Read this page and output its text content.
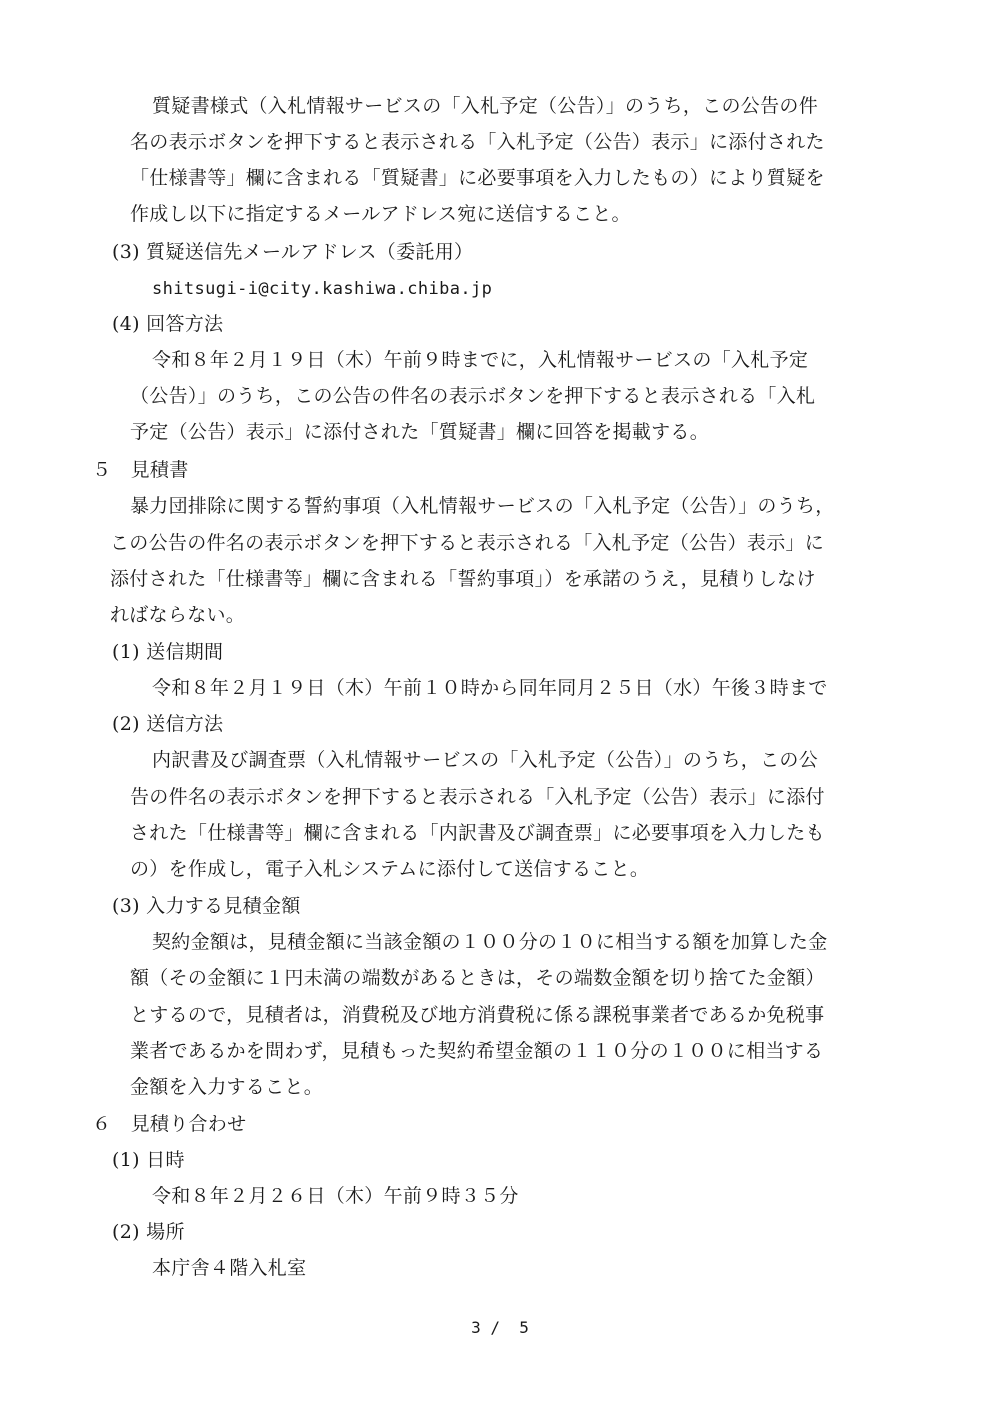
質疑書様式（入札情報サービスの「入札予定（公告）」のうち，この公告の件
名の表示ボタンを押下すると表示される「入札予定（公告）表示」に添付された
「仕様書等」欄に含まれる「質疑書」に必要事項を入力したもの）により質疑を
作成し以下に指定するメールアドレス宛に送信すること。
(3) 質疑送信先メールアドレス（委託用）
shitsugi-i@city.kashiwa.chiba.jp
(4) 回答方法
令和８年２月１９日（木）午前９時までに，入札情報サービスの「入札予定
（公告）」のうち，この公告の件名の表示ボタンを押下すると表示される「入札
予定（公告）表示」に添付された「質疑書」欄に回答を掲載する。
５　見積書
暴力団排除に関する誓約事項（入札情報サービスの「入札予定（公告）」のうち，
この公告の件名の表示ボタンを押下すると表示される「入札予定（公告）表示」に
添付された「仕様書等」欄に含まれる「誓約事項」）を承諾のうえ，見積りしなけ
ればならない。
(1) 送信期間
令和８年２月１９日（木）午前１０時から同年同月２５日（水）午後３時まで
(2) 送信方法
内訳書及び調査票（入札情報サービスの「入札予定（公告）」のうち，この公
告の件名の表示ボタンを押下すると表示される「入札予定（公告）表示」に添付
された「仕様書等」欄に含まれる「内訳書及び調査票」に必要事項を入力したも
の）を作成し，電子入札システムに添付して送信すること。
(3) 入力する見積金額
契約金額は，見積金額に当該金額の１００分の１０に相当する額を加算した金
額（その金額に１円未満の端数があるときは，その端数金額を切り捨てた金額）
とするので，見積者は，消費税及び地方消費税に係る課税事業者であるか免税事
業者であるかを問わず，見積もった契約希望金額の１１０分の１００に相当する
金額を入力すること。
６　見積り合わせ
(1) 日時
令和８年２月２６日（木）午前９時３５分
(2) 場所
本庁舎４階入札室
3 /  5
